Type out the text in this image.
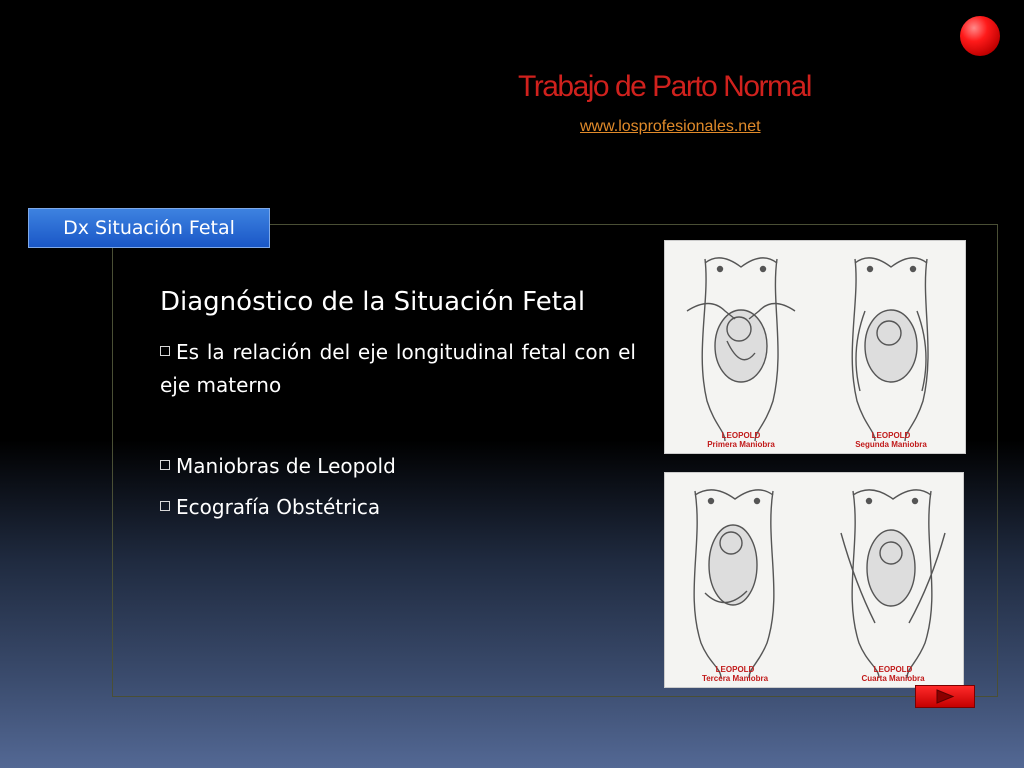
Trabajo de Parto Normal
www.losprofesionales.net
Dx Situación Fetal
Diagnóstico de la Situación Fetal
Es la relación del eje longitudinal fetal con el eje materno
Maniobras de Leopold
Ecografía Obstétrica
LEOPOLD
Primera Maniobra
LEOPOLD
Segunda Maniobra
LEOPOLD
Tercera Maniobra
LEOPOLD
Cuarta Maniobra
